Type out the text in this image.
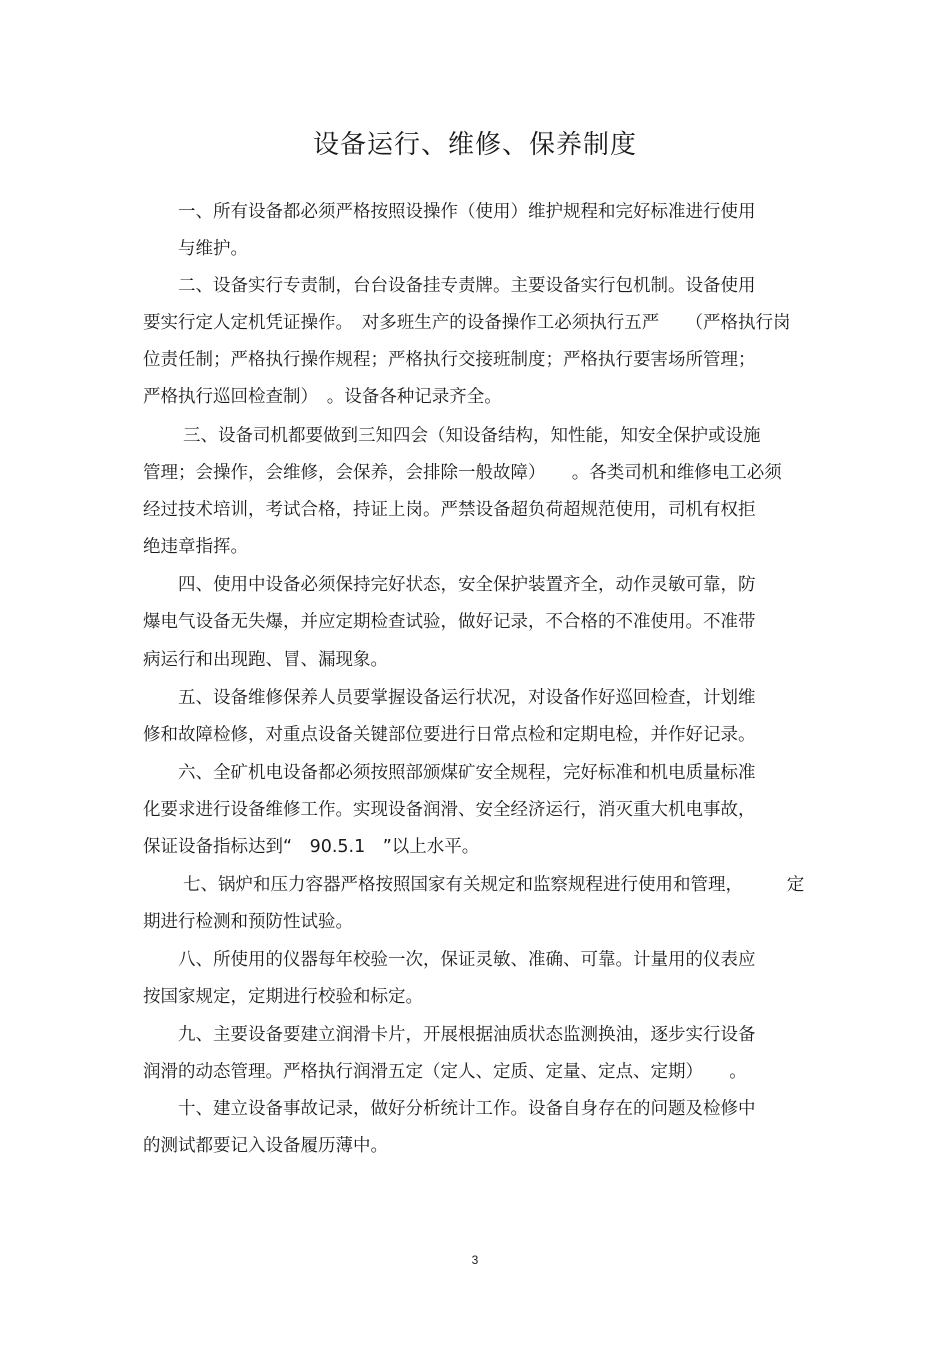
设备运行、维修、保养制度
一、所有设备都必须严格按照设操作（使用）维护规程和完好标准进行使用
与维护。
二、设备实行专责制，台台设备挂专责牌。主要设备实行包机制。设备使用
要实行定人定机凭证操作。　对多班生产的设备操作工必须执行五严　　（严格执行岗
位责任制；严格执行操作规程；严格执行交接班制度；严格执行要害场所管理；
严格执行巡回检查制）　。设备各种记录齐全。
三、设备司机都要做到三知四会（知设备结构，知性能，知安全保护或设施
管理；会操作，会维修，会保养，会排除一般故障）　　。各类司机和维修电工必须
经过技术培训，考试合格，持证上岗。严禁设备超负荷超规范使用，司机有权拒
绝违章指挥。
四、使用中设备必须保持完好状态，安全保护装置齐全，动作灵敏可靠，防
爆电气设备无失爆，并应定期检查试验，做好记录，不合格的不准使用。不准带
病运行和出现跑、冒、漏现象。
五、设备维修保养人员要掌握设备运行状况，对设备作好巡回检查，计划维
修和故障检修，对重点设备关键部位要进行日常点检和定期电检，并作好记录。
六、全矿机电设备都必须按照部颁煤矿安全规程，完好标准和机电质量标准
化要求进行设备维修工作。实现设备润滑、安全经济运行，消灭重大机电事故，
保证设备指标达到“　90.5.1　”以上水平。
七、锅炉和压力容器严格按照国家有关规定和监察规程进行使用和管理，　　　定
期进行检测和预防性试验。
八、所使用的仪器每年校验一次，保证灵敏、准确、可靠。计量用的仪表应
按国家规定，定期进行校验和标定。
九、主要设备要建立润滑卡片，开展根据油质状态监测换油，逐步实行设备
润滑的动态管理。严格执行润滑五定（定人、定质、定量、定点、定期）　　。
十、建立设备事故记录，做好分析统计工作。设备自身存在的问题及检修中
的测试都要记入设备履历薄中。
3
